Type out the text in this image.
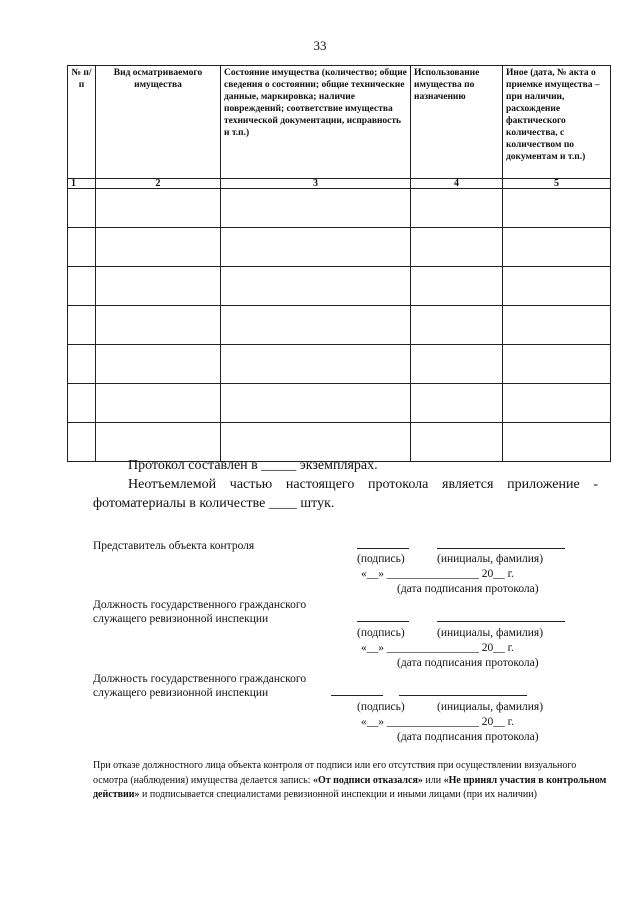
33
№ п/п	Вид осматриваемого имущества	Состояние имущества (количество; общие сведения о состоянии; общие технические данные, маркировка; наличие повреждений; соответствие имущества технической документации, исправность и т.п.)	Использование имущества по назначению	Иное (дата, № акта о приемке имущества – при наличии, расхождение фактического количества, с количеством по документам и т.п.)
1	2	3	4	5

Протокол составлен в _____ экземплярах.
Неотъемлемой частью настоящего протокола является приложение -
фотоматериалы в количестве ____ штук.
Представитель объекта контроля
(подпись)	(инициалы, фамилия)
«__» ________________ 20__ г.
(дата подписания протокола)
Должность государственного гражданского
служащего ревизионной инспекции
(подпись)	(инициалы, фамилия)
«__» ________________ 20__ г.
(дата подписания протокола)
Должность государственного гражданского
служащего ревизионной инспекции
(подпись)	(инициалы, фамилия)
«__» ________________ 20__ г.
(дата подписания протокола)
При отказе должностного лица объекта контроля от подписи или его отсутствия при осуществлении визуального осмотра (наблюдения) имущества делается запись: «От подписи отказался» или «Не принял участия в контрольном действии» и подписывается специалистами ревизионной инспекции и иными лицами (при их наличии)
